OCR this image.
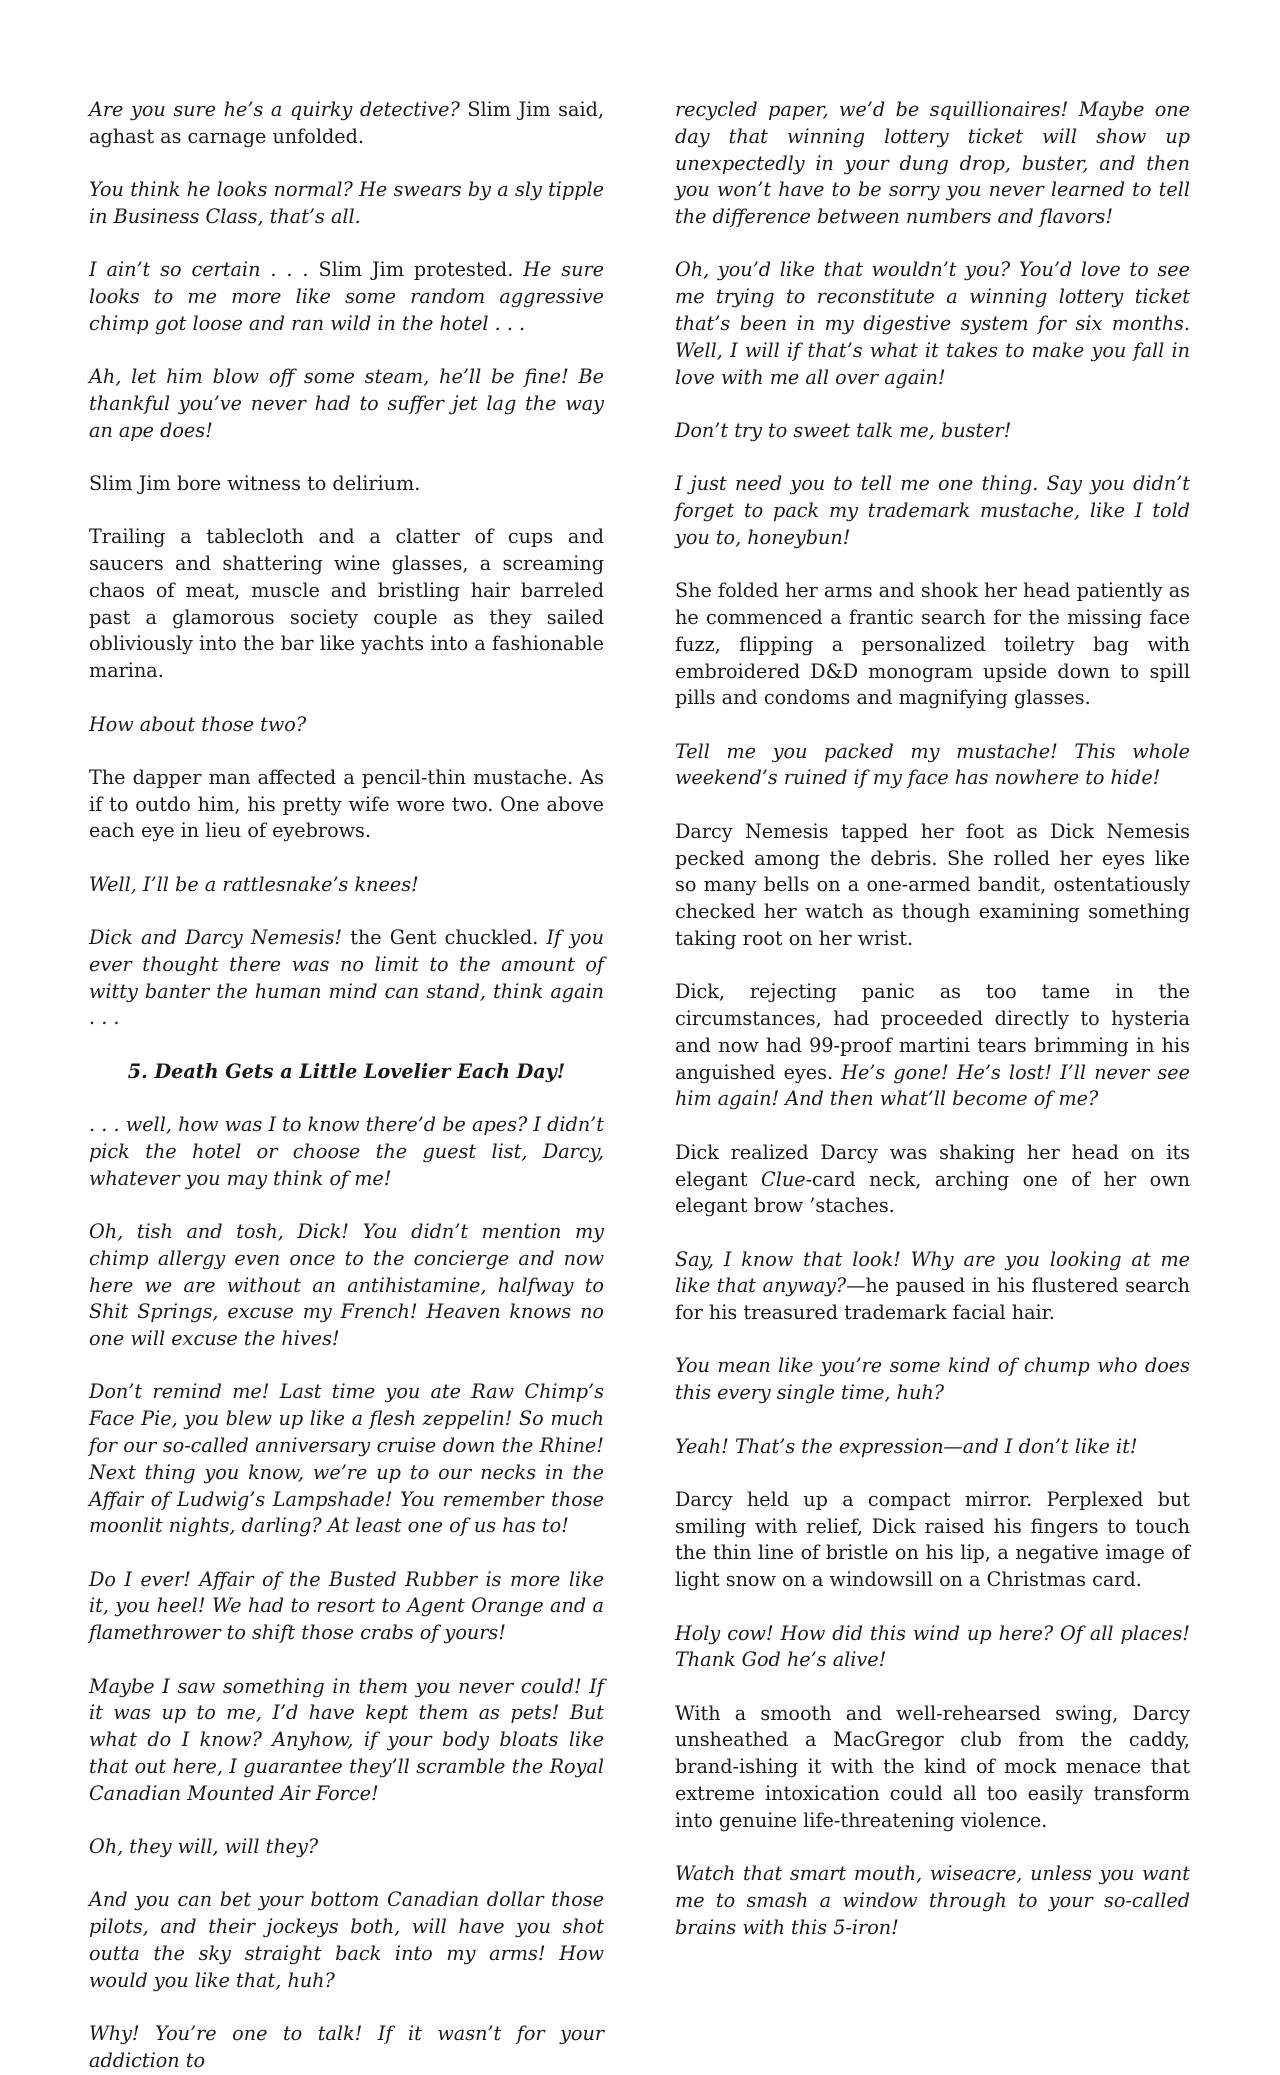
Are you sure he’s a quirky detective? Slim Jim said, aghast as carnage unfolded.

You think he looks normal? He swears by a sly tipple in Business Class, that’s all.

I ain’t so certain . . . Slim Jim protested. He sure looks to me more like some random aggressive chimp got loose and ran wild in the hotel . . .

Ah, let him blow off some steam, he’ll be fine! Be thankful you’ve never had to suffer jet lag the way an ape does!

Slim Jim bore witness to delirium.

Trailing a tablecloth and a clatter of cups and saucers and shattering wine glasses, a screaming chaos of meat, muscle and bristling hair barreled past a glamorous society couple as they sailed obliviously into the bar like yachts into a fashionable marina.

How about those two?

The dapper man affected a pencil-thin mustache. As if to outdo him, his pretty wife wore two. One above each eye in lieu of eyebrows.

Well, I’ll be a rattlesnake’s knees!

Dick and Darcy Nemesis! the Gent chuckled. If you ever thought there was no limit to the amount of witty banter the human mind can stand, think again . . .

5. Death Gets a Little Lovelier Each Day!

. . . well, how was I to know there’d be apes? I didn’t pick the hotel or choose the guest list, Darcy, whatever you may think of me!

Oh, tish and tosh, Dick! You didn’t mention my chimp allergy even once to the concierge and now here we are without an antihistamine, halfway to Shit Springs, excuse my French! Heaven knows no one will excuse the hives!

Don’t remind me! Last time you ate Raw Chimp’s Face Pie, you blew up like a flesh zeppelin! So much for our so-called anniversary cruise down the Rhine! Next thing you know, we’re up to our necks in the Affair of Ludwig’s Lampshade! You remember those moonlit nights, darling? At least one of us has to!

Do I ever! Affair of the Busted Rubber is more like it, you heel! We had to resort to Agent Orange and a flamethrower to shift those crabs of yours!

Maybe I saw something in them you never could! If it was up to me, I’d have kept them as pets! But what do I know? Anyhow, if your body bloats like that out here, I guarantee they’ll scramble the Royal Canadian Mounted Air Force!

Oh, they will, will they?

And you can bet your bottom Canadian dollar those pilots, and their jockeys both, will have you shot outta the sky straight back into my arms! How would you like that, huh?

Why! You’re one to talk! If it wasn’t for your addiction to

recycled paper, we’d be squillionaires! Maybe one day that winning lottery ticket will show up unexpectedly in your dung drop, buster, and then you won’t have to be sorry you never learned to tell the difference between numbers and flavors!

Oh, you’d like that wouldn’t you? You’d love to see me trying to reconstitute a winning lottery ticket that’s been in my digestive system for six months. Well, I will if that’s what it takes to make you fall in love with me all over again!

Don’t try to sweet talk me, buster!

I just need you to tell me one thing. Say you didn’t forget to pack my trademark mustache, like I told you to, honeybun!

She folded her arms and shook her head patiently as he commenced a frantic search for the missing face fuzz, flipping a personalized toiletry bag with embroidered D&D monogram upside down to spill pills and condoms and magnifying glasses.

Tell me you packed my mustache! This whole weekend’s ruined if my face has nowhere to hide!

Darcy Nemesis tapped her foot as Dick Nemesis pecked among the debris. She rolled her eyes like so many bells on a one-armed bandit, ostentatiously checked her watch as though examining something taking root on her wrist.

Dick, rejecting panic as too tame in the circumstances, had proceeded directly to hysteria and now had 99-proof martini tears brimming in his anguished eyes. He’s gone! He’s lost! I’ll never see him again! And then what’ll become of me?

Dick realized Darcy was shaking her head on its elegant Clue-card neck, arching one of her own elegant brow ’staches.

Say, I know that look! Why are you looking at me like that anyway?—he paused in his flustered search for his treasured trademark facial hair.

You mean like you’re some kind of chump who does this every single time, huh?

Yeah! That’s the expression—and I don’t like it!

Darcy held up a compact mirror. Perplexed but smiling with relief, Dick raised his fingers to touch the thin line of bristle on his lip, a negative image of light snow on a windowsill on a Christmas card.

Holy cow! How did this wind up here? Of all places! Thank God he’s alive!

With a smooth and well-rehearsed swing, Darcy unsheathed a MacGregor club from the caddy, brand-ishing it with the kind of mock menace that extreme intoxication could all too easily transform into genuine life-threatening violence.

Watch that smart mouth, wiseacre, unless you want me to smash a window through to your so-called brains with this 5-iron!
